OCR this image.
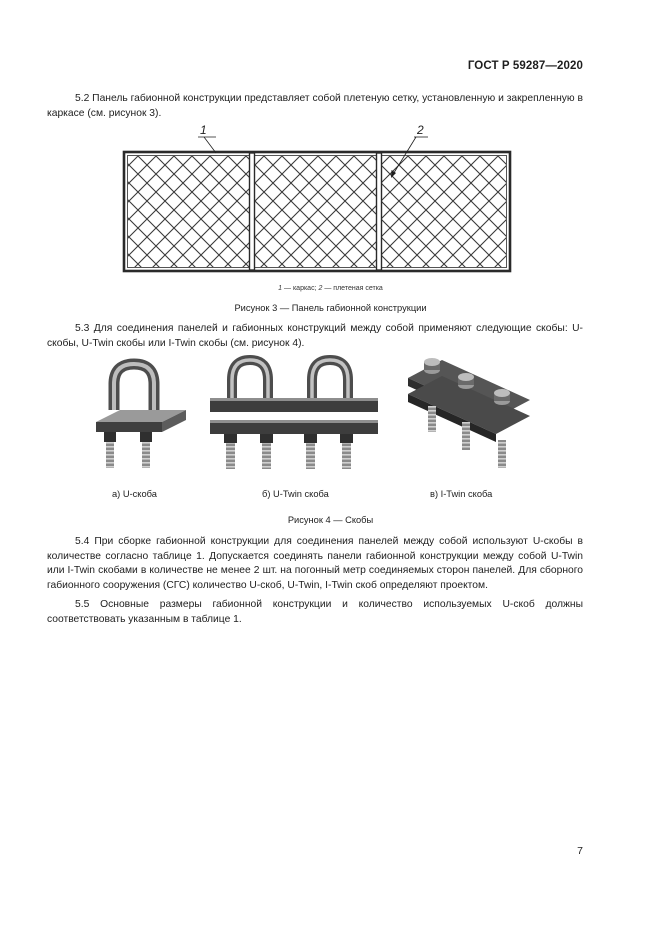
ГОСТ Р 59287—2020
5.2 Панель габионной конструкции представляет собой плетеную сетку, установленную и закрепленную в каркасе (см. рисунок 3).
1	2
1 — каркас; 2 — плетеная сетка
Рисунок 3 — Панель габионной конструкции
5.3 Для соединения панелей и габионных конструкций между собой применяют следующие скобы: U-скобы, U-Twin скобы или I-Twin скобы (см. рисунок 4).
а) U-скоба	б) U-Twin скоба	в) I-Twin скоба
Рисунок 4 — Скобы
5.4 При сборке габионной конструкции для соединения панелей между собой используют U-скобы в количестве согласно таблице 1. Допускается соединять панели габионной конструкции между собой U-Twin или I-Twin скобами в количестве не менее 2 шт. на погонный метр соединяемых сторон панелей. Для сборного габионного сооружения (СГС) количество U-скоб, U-Twin, I-Twin скоб определяют проектом.
5.5 Основные размеры габионной конструкции и количество используемых U-скоб должны соответствовать указанным в таблице 1.
7
